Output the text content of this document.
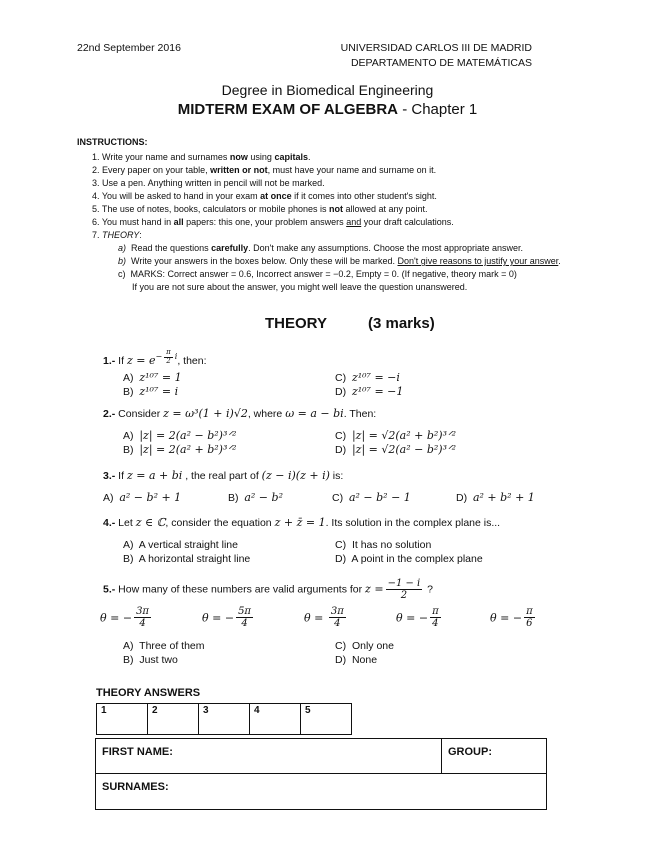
22nd September 2016	UNIVERSIDAD CARLOS III DE MADRID
DEPARTAMENTO DE MATEMÁTICAS
Degree in Biomedical Engineering
MIDTERM EXAM OF ALGEBRA - Chapter 1
INSTRUCTIONS:
1. Write your name and surnames now using capitals.
2. Every paper on your table, written or not, must have your name and surname on it.
3. Use a pen. Anything written in pencil will not be marked.
4. You will be asked to hand in your exam at once if it comes into other student's sight.
5. The use of notes, books, calculators or mobile phones is not allowed at any point.
6. You must hand in all papers: this one, your problem answers and your draft calculations.
7. THEORY:
a) Read the questions carefully. Don't make any assumptions. Choose the most appropriate answer.
b) Write your answers in the boxes below. Only these will be marked. Don't give reasons to justify your answer.
c) MARKS: Correct answer = 0.6, Incorrect answer = −0.2, Empty = 0. (If negative, theory mark = 0)
If you are not sure about the answer, you might well leave the question unanswered.
THEORY	(3 marks)
1.- If $z = e^{- \frac{\pi}{2} i}$, then:
A) z¹⁰⁷ = 1
B) z¹⁰⁷ = i
C) z¹⁰⁷ = −i
D) z¹⁰⁷ = −1
2.- Consider z = ω³(1 + i)√2, where ω = a − bi. Then:
A) |z| = 2(a² − b²)³ᐟ²
B) |z| = 2(a² + b²)³ᐟ²
C) |z| = √2(a² + b²)³ᐟ²
D) |z| = √2(a² − b²)³ᐟ²
3.- If z = a + bi , the real part of (z − i)(z + i) is:
A) a² − b² + 1	B) a² − b²	C) a² − b² − 1	D) a² + b² + 1
4.- Let z ∈ ℂ, consider the equation z + z̄ = 1. Its solution in the complex plane is...
A) A vertical straight line
B) A horizontal straight line
C) It has no solution
D) A point in the complex plane
5.- How many of these numbers are valid arguments for $z = \frac{-1 - i}{2}$ ?
θ = − $\frac{3\pi}{4}$	θ = − $\frac{5\pi}{4}$	$\theta = \frac{3\pi}{4}$	θ = − $\frac{\pi}{4}$	θ = − $\frac{\pi}{6}$
A) Three of them
B) Just two
C) Only one
D) None
THEORY ANSWERS
1	2	3	4	5
FIRST NAME:	GROUP:
SURNAMES:
